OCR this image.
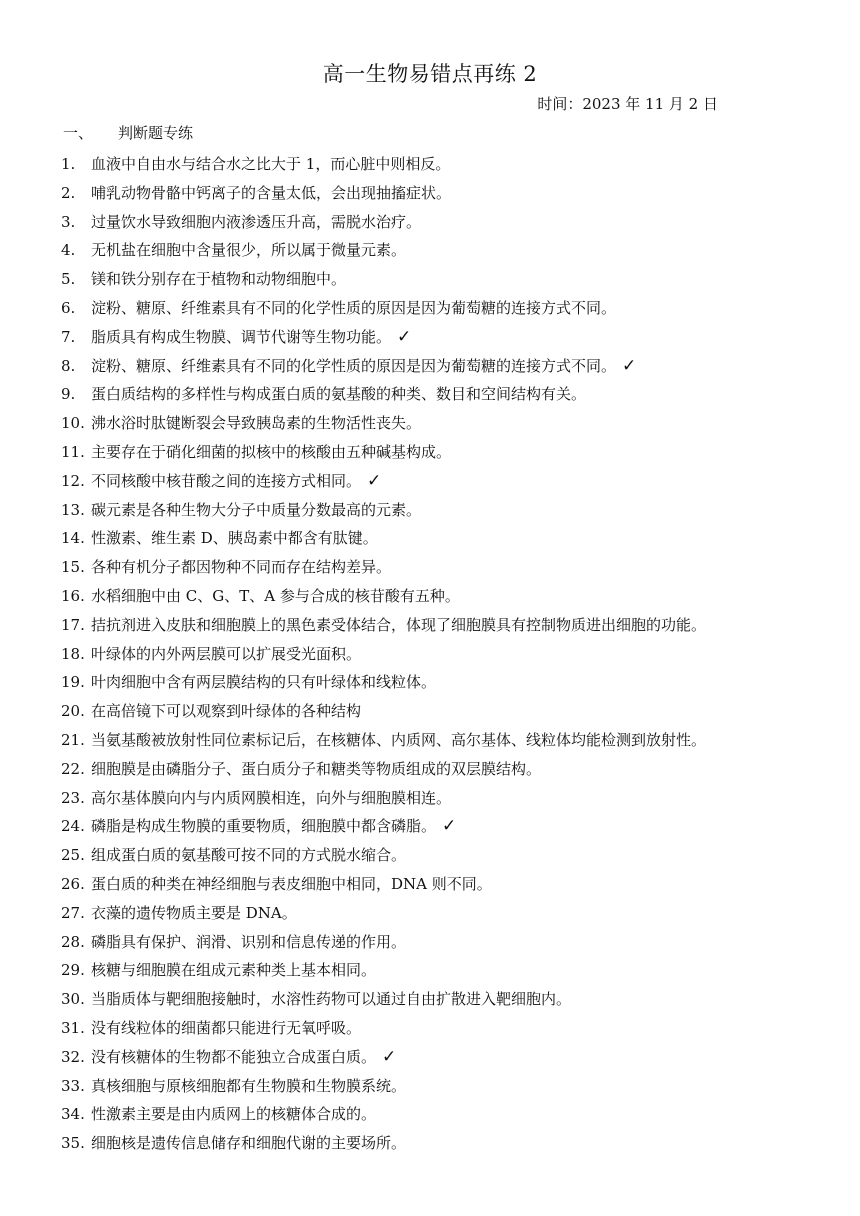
高一生物易错点再练 2
时间：2023 年 11 月 2 日
一、	判断题专练
1.	血液中自由水与结合水之比大于 1，而心脏中则相反。
2.	哺乳动物骨骼中钙离子的含量太低，会出现抽搐症状。
3.	过量饮水导致细胞内液渗透压升高，需脱水治疗。
4.	无机盐在细胞中含量很少，所以属于微量元素。
5.	镁和铁分别存在于植物和动物细胞中。
6.	淀粉、糖原、纤维素具有不同的化学性质的原因是因为葡萄糖的连接方式不同。
7.	脂质具有构成生物膜、调节代谢等生物功能。 ✓
8.	淀粉、糖原、纤维素具有不同的化学性质的原因是因为葡萄糖的连接方式不同。 ✓
9.	蛋白质结构的多样性与构成蛋白质的氨基酸的种类、数目和空间结构有关。
10. 沸水浴时肽键断裂会导致胰岛素的生物活性丧失。
11. 主要存在于硝化细菌的拟核中的核酸由五种碱基构成。
12. 不同核酸中核苷酸之间的连接方式相同。 ✓
13. 碳元素是各种生物大分子中质量分数最高的元素。
14. 性激素、维生素 D、胰岛素中都含有肽键。
15. 各种有机分子都因物种不同而存在结构差异。
16. 水稻细胞中由 C、G、T、A 参与合成的核苷酸有五种。
17. 拮抗剂进入皮肤和细胞膜上的黑色素受体结合，体现了细胞膜具有控制物质进出细胞的功能。
18. 叶绿体的内外两层膜可以扩展受光面积。
19. 叶肉细胞中含有两层膜结构的只有叶绿体和线粒体。
20. 在高倍镜下可以观察到叶绿体的各种结构
21. 当氨基酸被放射性同位素标记后，在核糖体、内质网、高尔基体、线粒体均能检测到放射性。
22. 细胞膜是由磷脂分子、蛋白质分子和糖类等物质组成的双层膜结构。
23. 高尔基体膜向内与内质网膜相连，向外与细胞膜相连。
24. 磷脂是构成生物膜的重要物质，细胞膜中都含磷脂。 ✓
25. 组成蛋白质的氨基酸可按不同的方式脱水缩合。
26. 蛋白质的种类在神经细胞与表皮细胞中相同，DNA 则不同。
27. 衣藻的遗传物质主要是 DNA。
28. 磷脂具有保护、润滑、识别和信息传递的作用。
29. 核糖与细胞膜在组成元素种类上基本相同。
30. 当脂质体与靶细胞接触时，水溶性药物可以通过自由扩散进入靶细胞内。
31. 没有线粒体的细菌都只能进行无氧呼吸。
32. 没有核糖体的生物都不能独立合成蛋白质。 ✓
33. 真核细胞与原核细胞都有生物膜和生物膜系统。
34. 性激素主要是由内质网上的核糖体合成的。
35. 细胞核是遗传信息储存和细胞代谢的主要场所。
